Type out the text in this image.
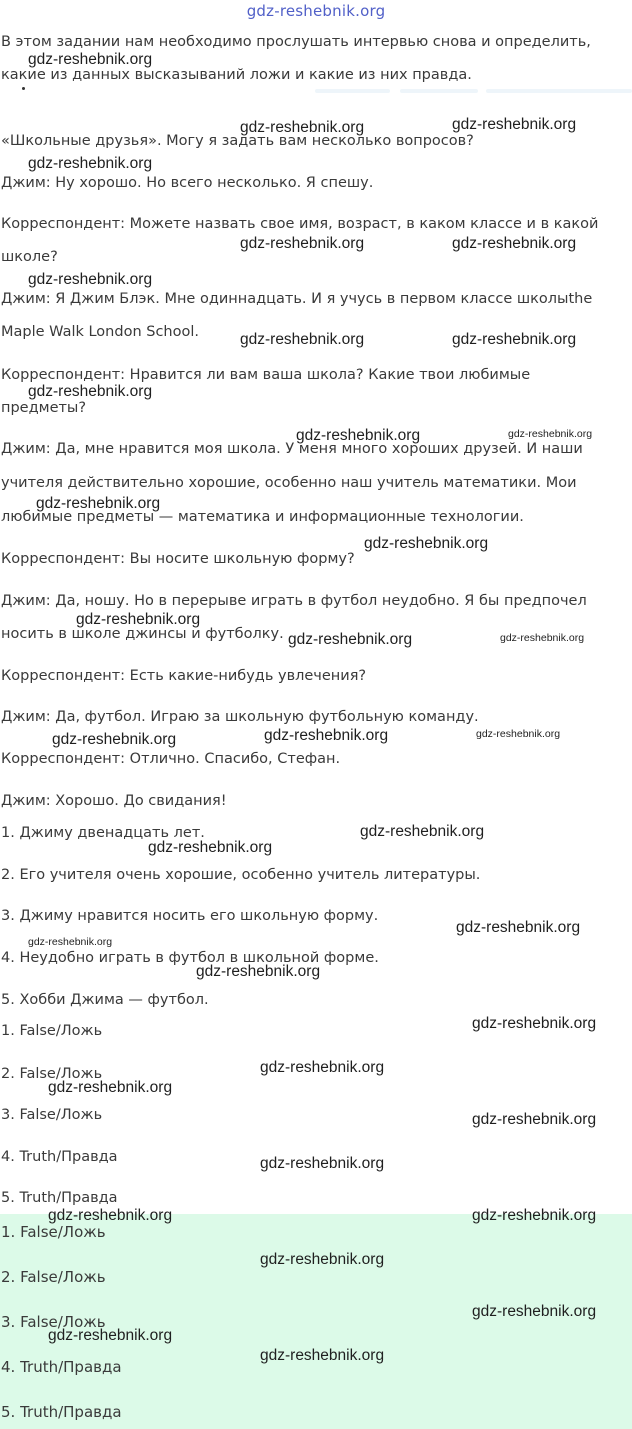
gdz-reshebnik.org
В этом задании нам необходимо прослушать интервью снова и определить,
какие из данных высказываний ложи и какие из них правда.
«Школьные друзья». Могу я задать вам несколько вопросов?
Джим: Ну хорошо. Но всего несколько. Я спешу.
Корреспондент: Можете назвать свое имя, возраст, в каком классе и в какой
школе?
Джим: Я Джим Блэк. Мне одиннадцать. И я учусь в первом классе школыthe
Maple Walk London School.
Корреспондент: Нравится ли вам ваша школа? Какие твои любимые
предметы?
Джим: Да, мне нравится моя школа. У меня много хороших друзей. И наши
учителя действительно хорошие, особенно наш учитель математики. Мои
любимые предметы — математика и информационные технологии.
Корреспондент: Вы носите школьную форму?
Джим: Да, ношу. Но в перерыве играть в футбол неудобно. Я бы предпочел
носить в школе джинсы и футболку.
Корреспондент: Есть какие-нибудь увлечения?
Джим: Да, футбол. Играю за школьную футбольную команду.
Корреспондент: Отлично. Спасибо, Стефан.
Джим: Хорошо. До свидания!
1. Джиму двенадцать лет.
2. Его учителя очень хорошие, особенно учитель литературы.
3. Джиму нравится носить его школьную форму.
4. Неудобно играть в футбол в школьной форме.
5. Хобби Джима — футбол.
1. False/Ложь
2. False/Ложь
3. False/Ложь
4. Truth/Правда
5. Truth/Правда
1. False/Ложь
2. False/Ложь
3. False/Ложь
4. Truth/Правда
5. Truth/Правда
gdz-reshebnik.org
gdz-reshebnik.org	gdz-reshebnik.org
gdz-reshebnik.org
gdz-reshebnik.org	gdz-reshebnik.org
gdz-reshebnik.org
gdz-reshebnik.org	gdz-reshebnik.org
gdz-reshebnik.org
gdz-reshebnik.org	gdz-reshebnik.org
gdz-reshebnik.org
gdz-reshebnik.org
gdz-reshebnik.org
gdz-reshebnik.org	gdz-reshebnik.org
gdz-reshebnik.org	gdz-reshebnik.org	gdz-reshebnik.org
gdz-reshebnik.org
gdz-reshebnik.org
gdz-reshebnik.org
gdz-reshebnik.org
gdz-reshebnik.org
gdz-reshebnik.org
gdz-reshebnik.org
gdz-reshebnik.org
gdz-reshebnik.org
gdz-reshebnik.org
gdz-reshebnik.org	gdz-reshebnik.org
gdz-reshebnik.org
gdz-reshebnik.org
gdz-reshebnik.org
gdz-reshebnik.org
